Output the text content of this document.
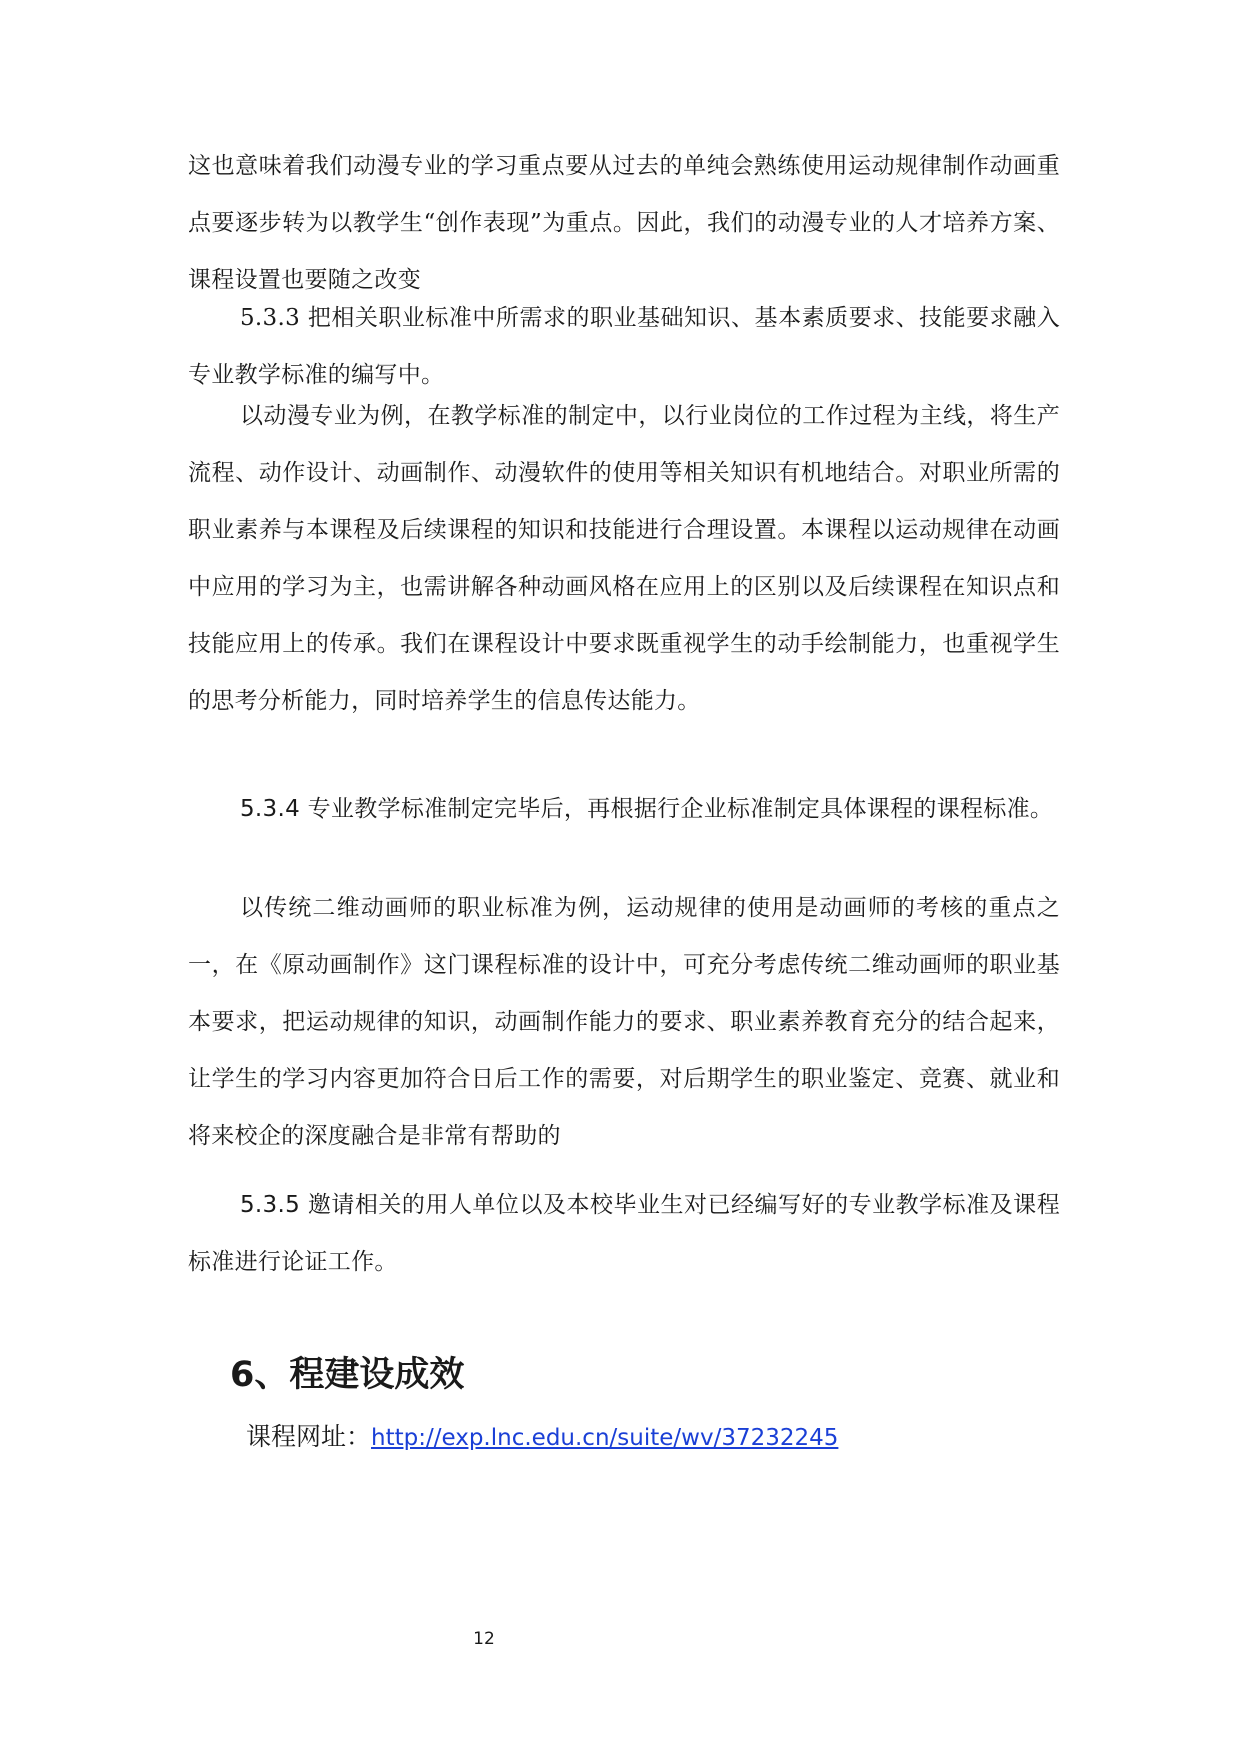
这也意味着我们动漫专业的学习重点要从过去的单纯会熟练使用运动规律制作动画重点要逐步转为以教学生“创作表现”为重点。因此，我们的动漫专业的人才培养方案、课程设置也要随之改变

5.3.3 把相关职业标准中所需求的职业基础知识、基本素质要求、技能要求融入专业教学标准的编写中。

以动漫专业为例，在教学标准的制定中，以行业岗位的工作过程为主线，将生产流程、动作设计、动画制作、动漫软件的使用等相关知识有机地结合。对职业所需的职业素养与本课程及后续课程的知识和技能进行合理设置。本课程以运动规律在动画中应用的学习为主，也需讲解各种动画风格在应用上的区别以及后续课程在知识点和技能应用上的传承。我们在课程设计中要求既重视学生的动手绘制能力，也重视学生的思考分析能力，同时培养学生的信息传达能力。

5.3.4 专业教学标准制定完毕后，再根据行企业标准制定具体课程的课程标准。

以传统二维动画师的职业标准为例，运动规律的使用是动画师的考核的重点之一，在《原动画制作》这门课程标准的设计中，可充分考虑传统二维动画师的职业基本要求，把运动规律的知识，动画制作能力的要求、职业素养教育充分的结合起来，让学生的学习内容更加符合日后工作的需要，对后期学生的职业鉴定、竞赛、就业和将来校企的深度融合是非常有帮助的

5.3.5 邀请相关的用人单位以及本校毕业生对已经编写好的专业教学标准及课程标准进行论证工作。

6、程建设成效

课程网址：http://exp.lnc.edu.cn/suite/wv/37232245

12
